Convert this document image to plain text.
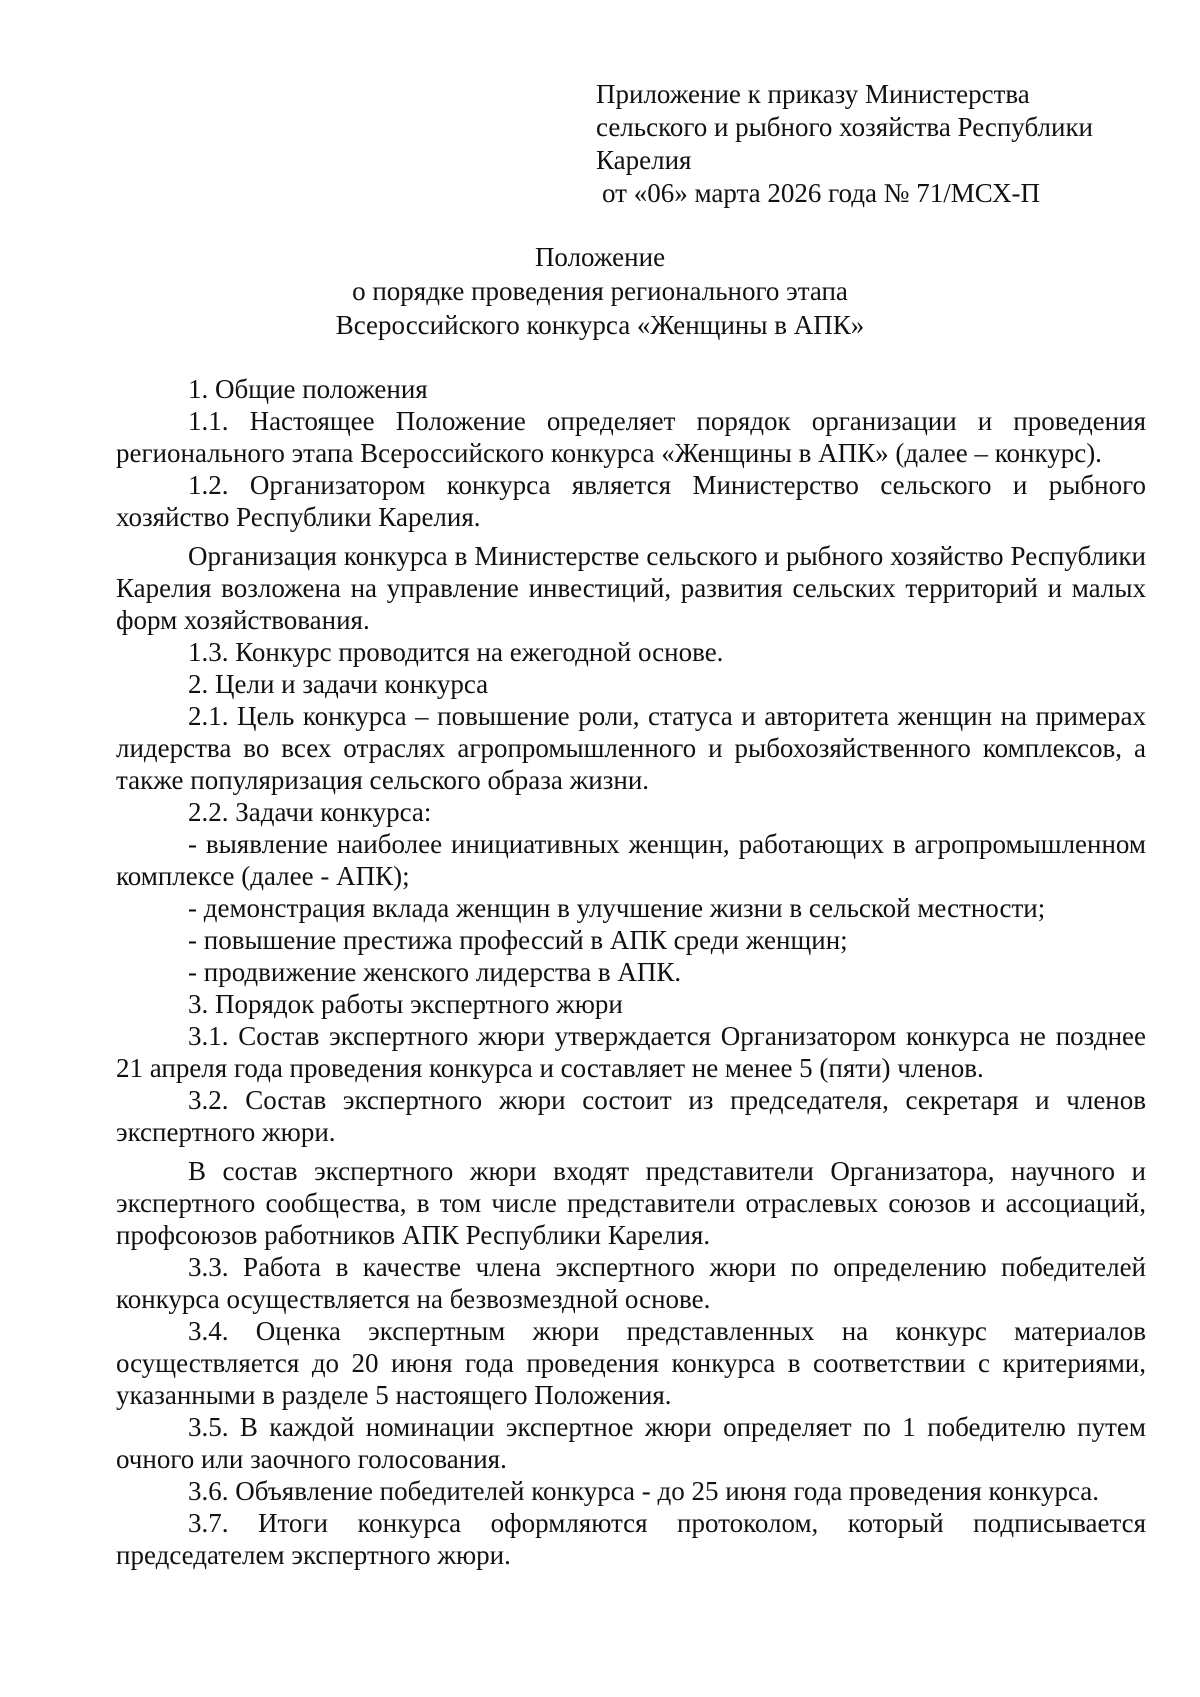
Приложение к приказу Министерства
сельского и рыбного хозяйства Республики
Карелия
от «06» марта 2026 года № 71/МСХ-П
Положение
о порядке проведения регионального этапа
Всероссийского конкурса «Женщины в АПК»

1. Общие положения

1.1. Настоящее Положение определяет порядок организации и проведения регионального этапа Всероссийского конкурса «Женщины в АПК» (далее – конкурс).

1.2. Организатором конкурса является Министерство сельского и рыбного хозяйство Республики Карелия.

Организация конкурса в Министерстве сельского и рыбного хозяйство Республики Карелия возложена на управление инвестиций, развития сельских территорий и малых форм хозяйствования.

1.3. Конкурс проводится на ежегодной основе.

2. Цели и задачи конкурса

2.1. Цель конкурса – повышение роли, статуса и авторитета женщин на примерах лидерства во всех отраслях агропромышленного и рыбохозяйственного комплексов, а также популяризация сельского образа жизни.

2.2. Задачи конкурса:

- выявление наиболее инициативных женщин, работающих в агропромышленном комплексе (далее - АПК);

- демонстрация вклада женщин в улучшение жизни в сельской местности;

- повышение престижа профессий в АПК среди женщин;

- продвижение женского лидерства в АПК.

3. Порядок работы экспертного жюри

3.1. Состав экспертного жюри утверждается Организатором конкурса не позднее 21 апреля года проведения конкурса и составляет не менее 5 (пяти) членов.

3.2. Состав экспертного жюри состоит из председателя, секретаря и членов экспертного жюри.

В состав экспертного жюри входят представители Организатора, научного и экспертного сообщества, в том числе представители отраслевых союзов и ассоциаций, профсоюзов работников АПК Республики Карелия.

3.3. Работа в качестве члена экспертного жюри по определению победителей конкурса осуществляется на безвозмездной основе.

3.4. Оценка экспертным жюри представленных на конкурс материалов осуществляется до 20 июня года проведения конкурса в соответствии с критериями, указанными в разделе 5 настоящего Положения.

3.5. В каждой номинации экспертное жюри определяет по 1 победителю путем очного или заочного голосования.

3.6. Объявление победителей конкурса - до 25 июня года проведения конкурса.

3.7. Итоги конкурса оформляются протоколом, который подписывается председателем экспертного жюри.
